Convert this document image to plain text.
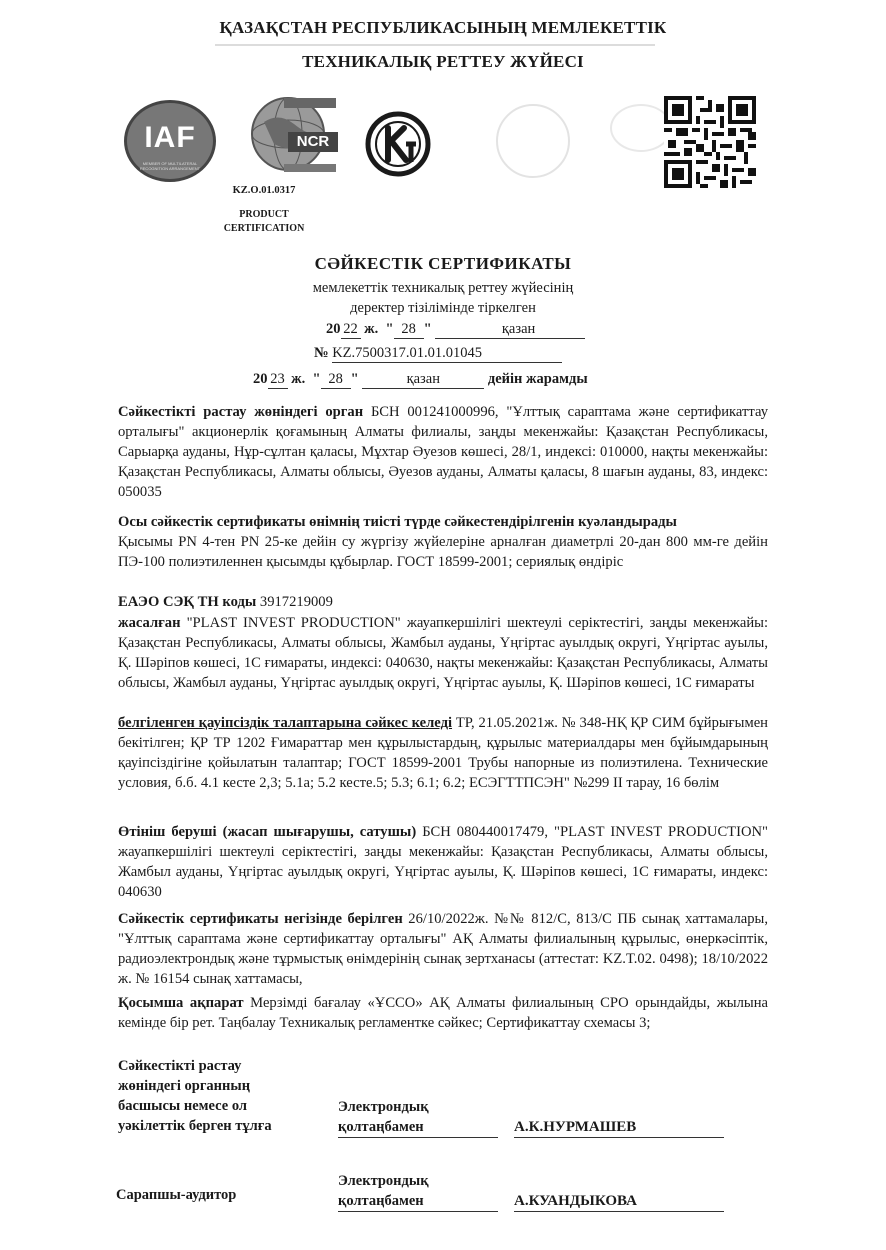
ҚАЗАҚСТАН РЕСПУБЛИКАСЫНЫҢ МЕМЛЕКЕТТІК
ТЕХНИКАЛЫҚ РЕТТЕУ ЖҮЙЕСІ
IAF
MEMBER OF MULTILATERAL RECOGNITION ARRANGEMENT
NCR
KZ.O.01.0317
PRODUCT
CERTIFICATION
СӘЙКЕСТІК СЕРТИФИКАТЫ
мемлекеттік техникалық реттеу жүйесінің
деректер тізілімінде тіркелген
20 22 ж.  " 28 "	қазан
№ KZ.7500317.01.01.01045
20 23 ж.  " 28 "	қазан	дейін жарамды
Сәйкестікті растау жөніндегі орган БСН 001241000996, "Ұлттық сараптама және сертификаттау орталығы" акционерлік қоғамының Алматы филиалы, заңды мекенжайы: Қазақстан Республикасы, Сарыарқа ауданы, Нұр-сұлтан қаласы, Мұхтар Әуезов көшесі, 28/1, индексі: 010000, нақты мекенжайы: Қазақстан Республикасы, Алматы облысы, Әуезов ауданы, Алматы қаласы, 8 шағын ауданы, 83, индекс: 050035
Осы сәйкестік сертификаты өнімнің тиісті түрде сәйкестендірілгенін куәландырады
Қысымы PN 4-тен PN 25-ке дейін су жүргізу жүйелеріне арналған диаметрлі 20-дан 800 мм-ге дейін ПЭ-100 полиэтиленнен қысымды құбырлар. ГОСТ 18599-2001; сериялық өндіріс
ЕАЭО СЭҚ ТН коды 3917219009
жасалған "PLAST INVEST PRODUCTION" жауапкершілігі шектеулі серіктестігі, заңды мекенжайы: Қазақстан Республикасы, Алматы облысы, Жамбыл ауданы, Үңгіртас ауылдық округі, Үңгіртас ауылы, Қ. Шәріпов көшесі, 1С ғимараты, индексі: 040630, нақты мекенжайы: Қазақстан Республикасы, Алматы облысы, Жамбыл ауданы, Үңгіртас ауылдық округі, Үңгіртас ауылы, Қ. Шәріпов көшесі, 1С ғимараты
белгіленген қауіпсіздік талаптарына сәйкес келеді ТР, 21.05.2021ж. № 348-НҚ ҚР СИМ бұйрығымен бекітілген; ҚР ТР 1202 Ғимараттар мен құрылыстардың, құрылыс материалдары мен бұйымдарының қауіпсіздігіне қойылатын талаптар; ГОСТ 18599-2001 Трубы напорные из полиэтилена. Технические условия, б.б. 4.1 кесте 2,3; 5.1а; 5.2 кесте.5; 5.3; 6.1; 6.2; ЕСЭГТТПСЭН" №299 II тарау, 16 бөлім
Өтініш беруші (жасап шығарушы, сатушы) БСН 080440017479, "PLAST INVEST PRODUCTION" жауапкершілігі шектеулі серіктестігі, заңды мекенжайы: Қазақстан Республикасы, Алматы облысы, Жамбыл ауданы, Үңгіртас ауылдық округі, Үңгіртас ауылы, Қ. Шәріпов көшесі, 1С ғимараты, индекс: 040630
Сәйкестік сертификаты негізінде берілген 26/10/2022ж. №№ 812/С, 813/С ПБ сынақ хаттамалары, "Ұлттық сараптама және сертификаттау орталығы" АҚ Алматы филиалының құрылыс, өнеркәсіптік, радиоэлектрондық және тұрмыстық өнімдерінің сынақ зертханасы (аттестат: KZ.T.02. 0498); 18/10/2022 ж. № 16154 сынақ хаттамасы,
Қосымша ақпарат Мерзімді бағалау «ҰССО» АҚ Алматы филиалының СРО орындайды, жылына кемінде бір рет. Таңбалау Техникалық регламентке сәйкес; Сертификаттау схемасы 3;
Сәйкестікті растау
жөніндегі органның
басшысы немесе ол
уәкілеттік берген тұлға
Электрондық
қолтаңбамен	А.К.НУРМАШЕВ
Сарапшы-аудитор
Электрондық
қолтаңбамен	А.КУАНДЫКОВА
